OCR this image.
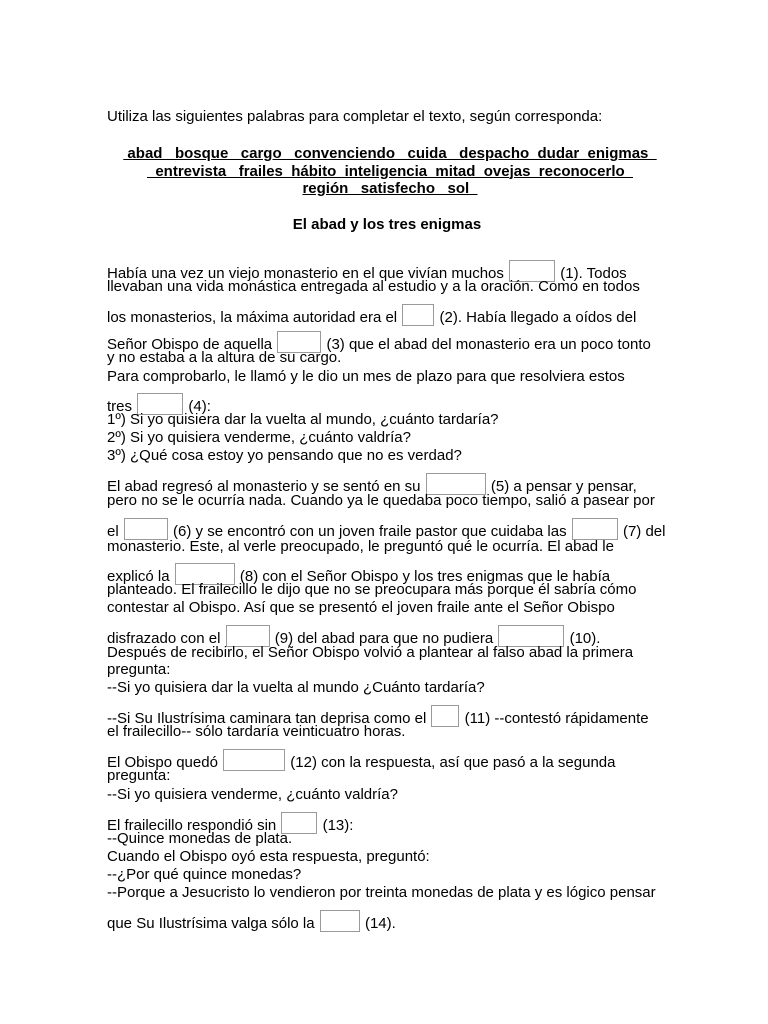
Utiliza las siguientes palabras para completar el texto, según corresponda:
abad   bosque   cargo   convenciendo   cuida   despacho  dudar  enigmas
entrevista   frailes  hábito  inteligencia  mitad  ovejas  reconocerlo
región   satisfecho   sol
El abad y los tres enigmas
Había una vez un viejo monasterio en el que vivían muchos	(1). Todos
llevaban una vida monástica entregada al estudio y a la oración. Como en todos
los monasterios, la máxima autoridad era el	(2). Había llegado a oídos del
Señor Obispo de aquella	(3) que el abad del monasterio era un poco tonto
y no estaba a la altura de su cargo.
Para comprobarlo, le llamó y le dio un mes de plazo para que resolviera estos
tres	(4):
1º) Si yo quisiera dar la vuelta al mundo, ¿cuánto tardaría?
2º) Si yo quisiera venderme, ¿cuánto valdría?
3º) ¿Qué cosa estoy yo pensando que no es verdad?
El abad regresó al monasterio y se sentó en su	(5) a pensar y pensar,
pero no se le ocurría nada. Cuando ya le quedaba poco tiempo, salió a pasear por
el	(6) y se encontró con un joven fraile pastor que cuidaba las	(7) del
monasterio. Este, al verle preocupado, le preguntó qué le ocurría. El abad le
explicó la	(8) con el Señor Obispo y los tres enigmas que le había
planteado. El frailecillo le dijo que no se preocupara más porque él sabría cómo
contestar al Obispo. Así que se presentó el joven fraile ante el Señor Obispo
disfrazado con el	(9) del abad para que no pudiera	(10).
Después de recibirlo, el Señor Obispo volvió a plantear al falso abad la primera
pregunta:
--Si yo quisiera dar la vuelta al mundo ¿Cuánto tardaría?
--Si Su Ilustrísima caminara tan deprisa como el	(11) --contestó rápidamente
el frailecillo-- sólo tardaría veinticuatro horas.
El Obispo quedó	(12) con la respuesta, así que pasó a la segunda
pregunta:
--Si yo quisiera venderme, ¿cuánto valdría?
El frailecillo respondió sin	(13):
--Quince monedas de plata.
Cuando el Obispo oyó esta respuesta, preguntó:
--¿Por qué quince monedas?
--Porque a Jesucristo lo vendieron por treinta monedas de plata y es lógico pensar
que Su Ilustrísima valga sólo la	(14).
